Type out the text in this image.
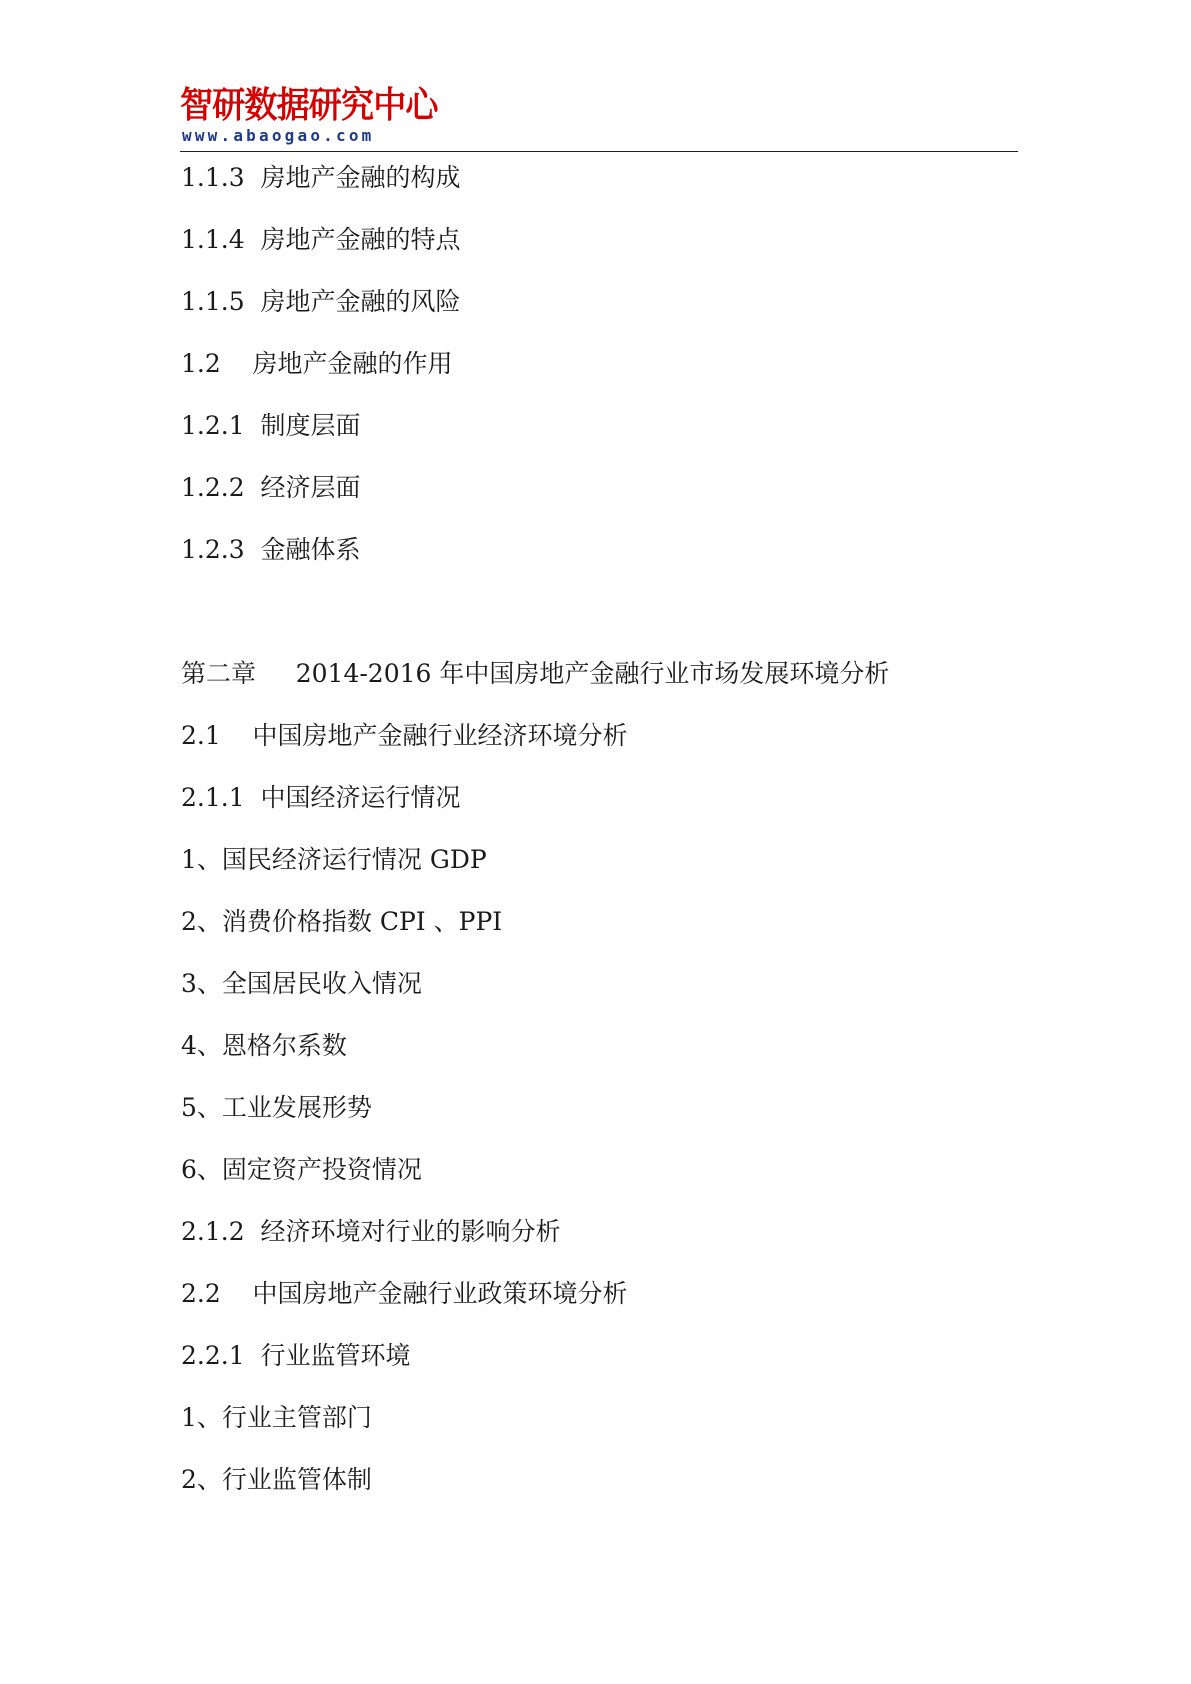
智研数据研究中心
www.abaogao.com
1.1.3  房地产金融的构成
1.1.4  房地产金融的特点
1.1.5  房地产金融的风险
1.2    房地产金融的作用
1.2.1  制度层面
1.2.2  经济层面
1.2.3  金融体系
第二章     2014-2016 年中国房地产金融行业市场发展环境分析
2.1    中国房地产金融行业经济环境分析
2.1.1  中国经济运行情况
1、国民经济运行情况 GDP
2、消费价格指数 CPI 、PPI
3、全国居民收入情况
4、恩格尔系数
5、工业发展形势
6、固定资产投资情况
2.1.2  经济环境对行业的影响分析
2.2    中国房地产金融行业政策环境分析
2.2.1  行业监管环境
1、行业主管部门
2、行业监管体制
